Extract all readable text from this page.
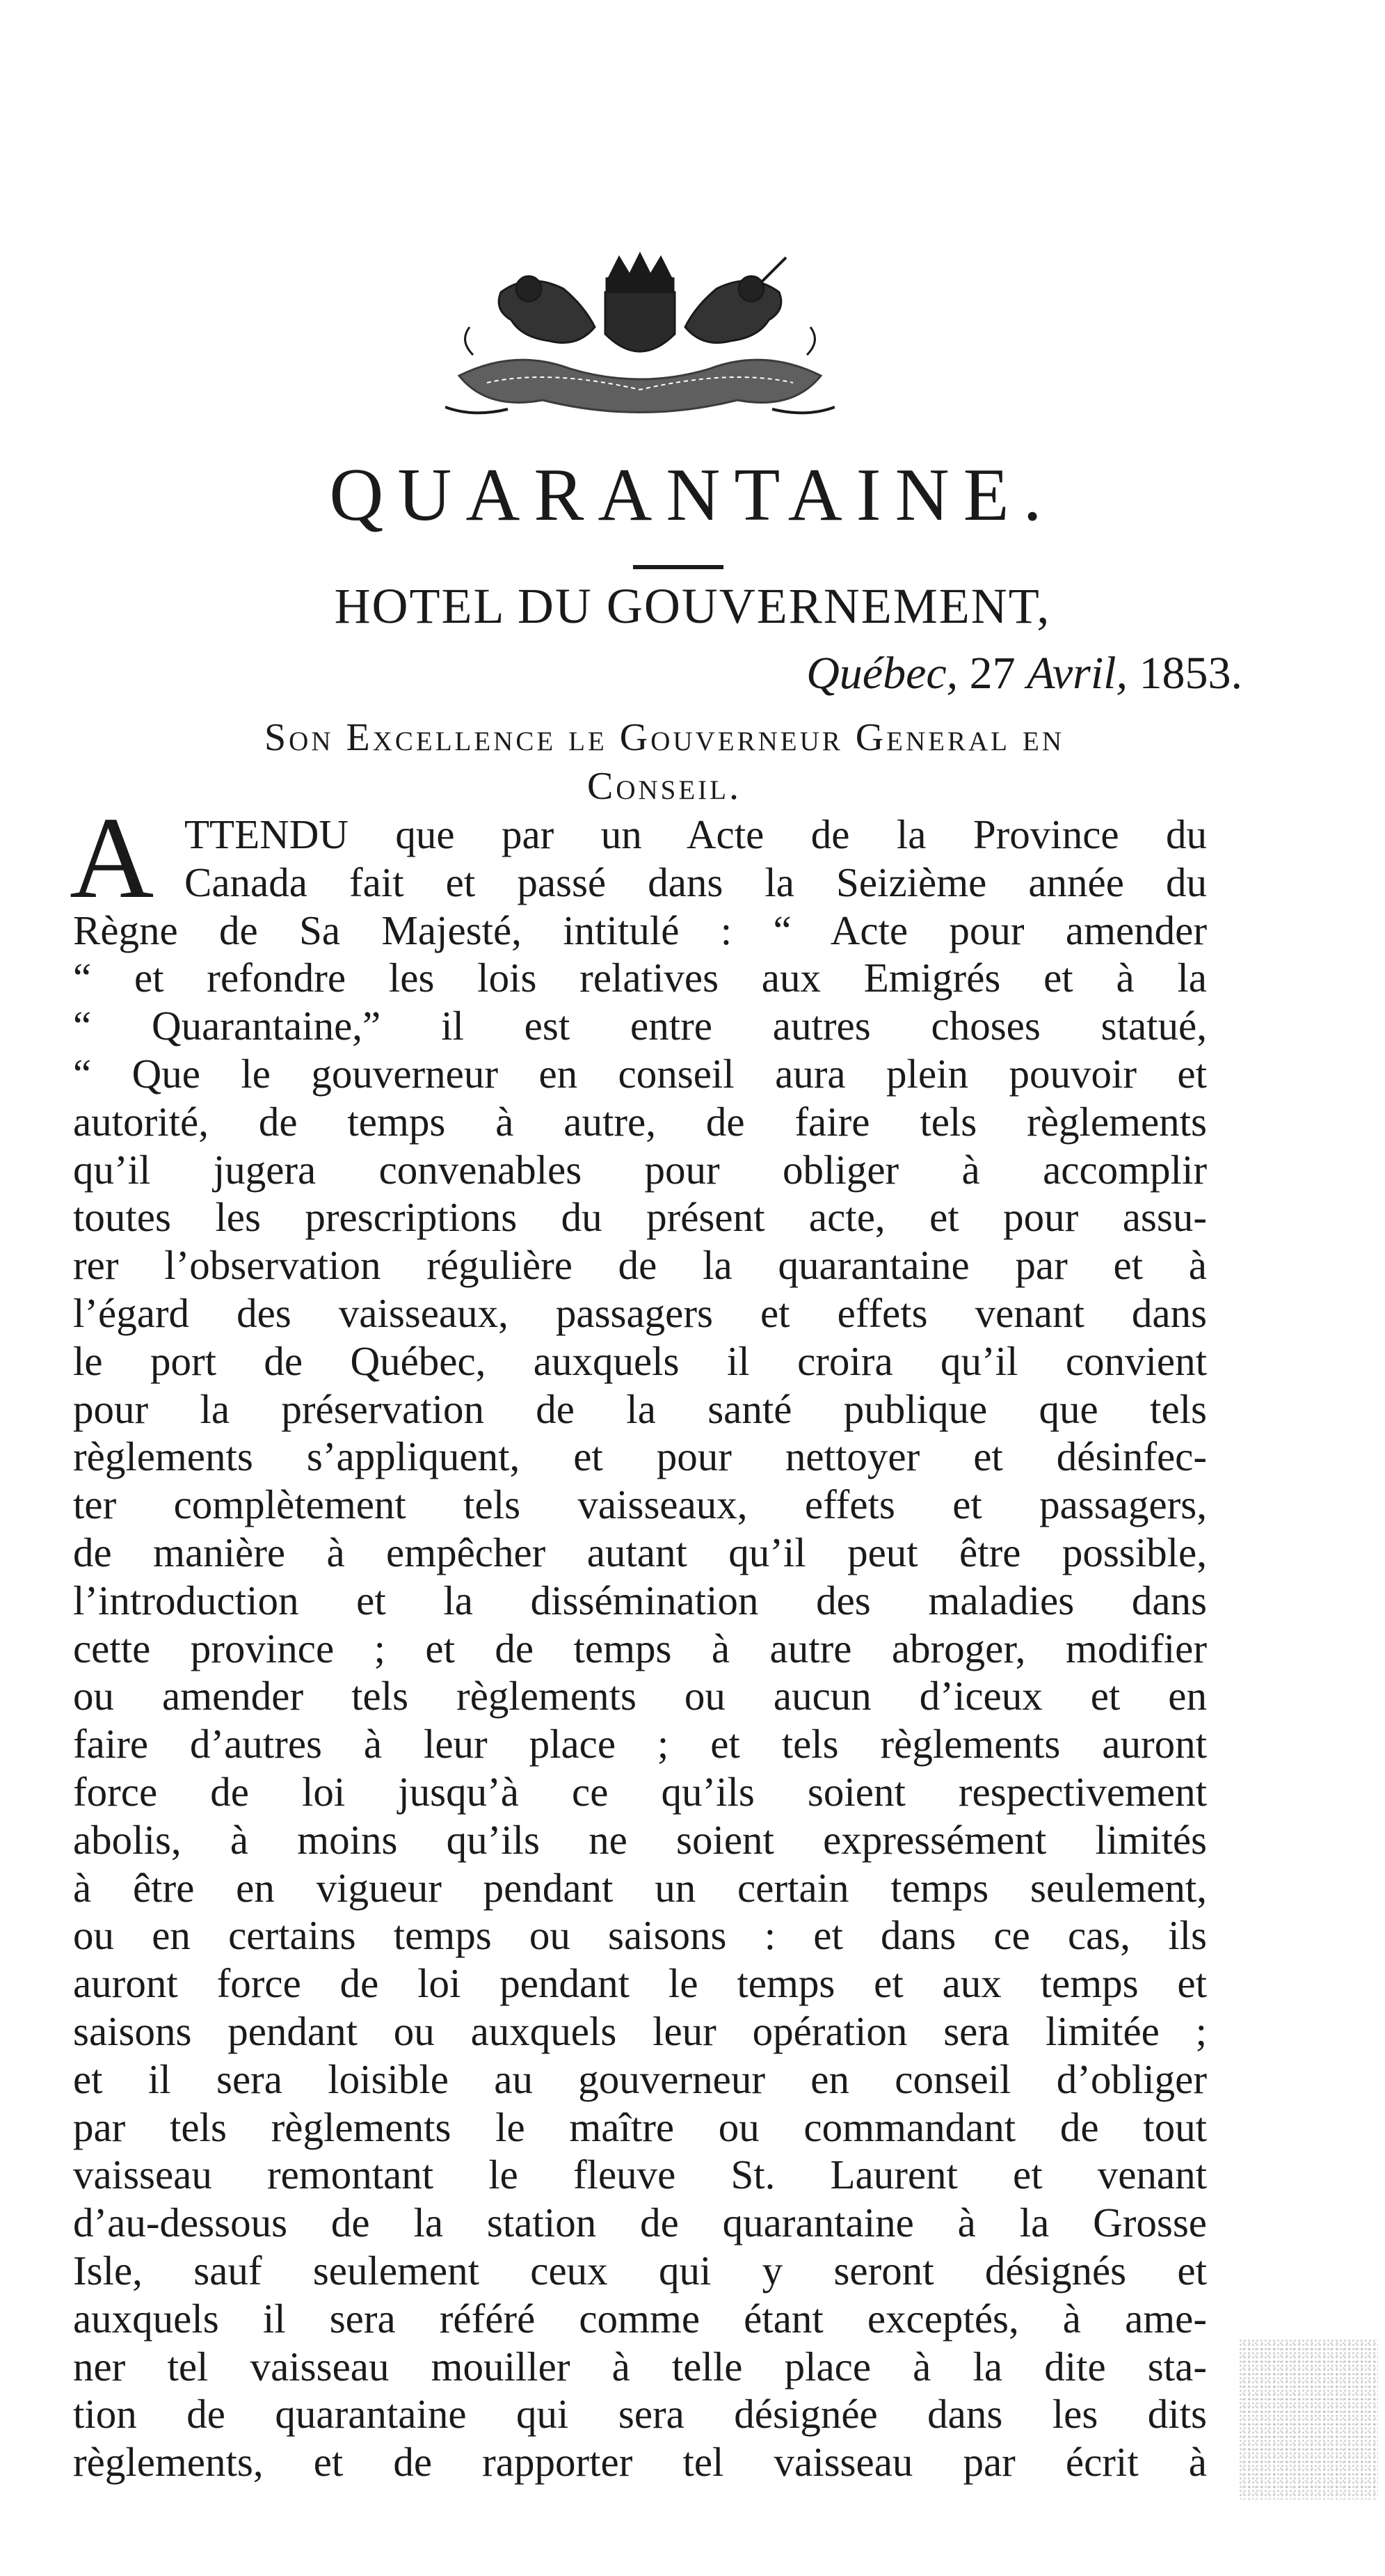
QUARANTAINE.
HOTEL DU GOUVERNEMENT,
Québec, 27 Avril, 1853.
Son Excellence le Gouverneur General en
Conseil.
A TTENDU que par un Acte de la Province du
Canada fait et passé dans la Seizième année du
Règne de Sa Majesté, intitulé : “ Acte pour amender
“ et refondre les lois relatives aux Emigrés et à la
“ Quarantaine,” il est entre autres choses statué,
“ Que le gouverneur en conseil aura plein pouvoir et
autorité, de temps à autre, de faire tels règlements
qu’il jugera convenables pour obliger à accomplir
toutes les prescriptions du présent acte, et pour assu-
rer l’observation régulière de la quarantaine par et à
l’égard des vaisseaux, passagers et effets venant dans
le port de Québec, auxquels il croira qu’il convient
pour la préservation de la santé publique que tels
règlements s’appliquent, et pour nettoyer et désinfec-
ter complètement tels vaisseaux, effets et passagers,
de manière à empêcher autant qu’il peut être possible,
l’introduction et la dissémination des maladies dans
cette province ; et de temps à autre abroger, modifier
ou amender tels règlements ou aucun d’iceux et en
faire d’autres à leur place ; et tels règlements auront
force de loi jusqu’à ce qu’ils soient respectivement
abolis, à moins qu’ils ne soient expressément limités
à être en vigueur pendant un certain temps seulement,
ou en certains temps ou saisons : et dans ce cas, ils
auront force de loi pendant le temps et aux temps et
saisons pendant ou auxquels leur opération sera limitée ;
et il sera loisible au gouverneur en conseil d’obliger
par tels règlements le maître ou commandant de tout
vaisseau remontant le fleuve St. Laurent et venant
d’au-dessous de la station de quarantaine à la Grosse
Isle, sauf seulement ceux qui y seront désignés et
auxquels il sera référé comme étant exceptés, à ame-
ner tel vaisseau mouiller à telle place à la dite sta-
tion de quarantaine qui sera désignée dans les dits
règlements, et de rapporter tel vaisseau par écrit à
